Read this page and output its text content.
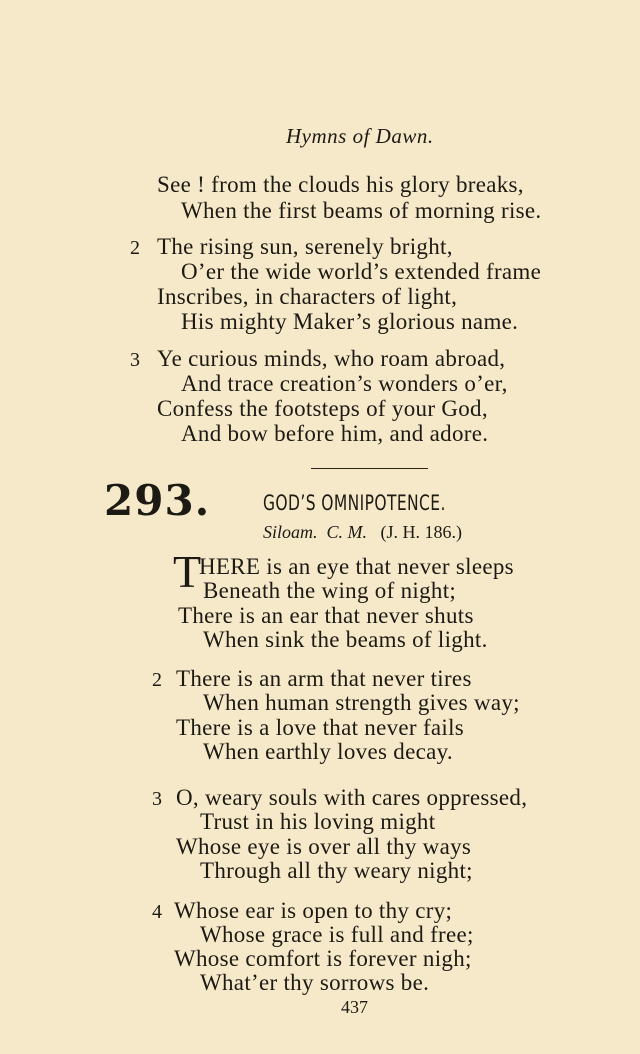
Hymns of Dawn.
See ! from the clouds his glory breaks,
When the first beams of morning rise.
2 The rising sun, serenely bright,
O’er the wide world’s extended frame
Inscribes, in characters of light,
His mighty Maker’s glorious name.
3 Ye curious minds, who roam abroad,
And trace creation’s wonders o’er,
Confess the footsteps of your God,
And bow before him, and adore.
293.	GOD’S OMNIPOTENCE.
Siloam. C. M. (J. H. 186.)
T
HERE is an eye that never sleeps
Beneath the wing of night;
There is an ear that never shuts
When sink the beams of light.
2 There is an arm that never tires
When human strength gives way;
There is a love that never fails
When earthly loves decay.
3 O, weary souls with cares oppressed,
Trust in his loving might
Whose eye is over all thy ways
Through all thy weary night;
4 Whose ear is open to thy cry;
Whose grace is full and free;
Whose comfort is forever nigh;
What’er thy sorrows be.
437
